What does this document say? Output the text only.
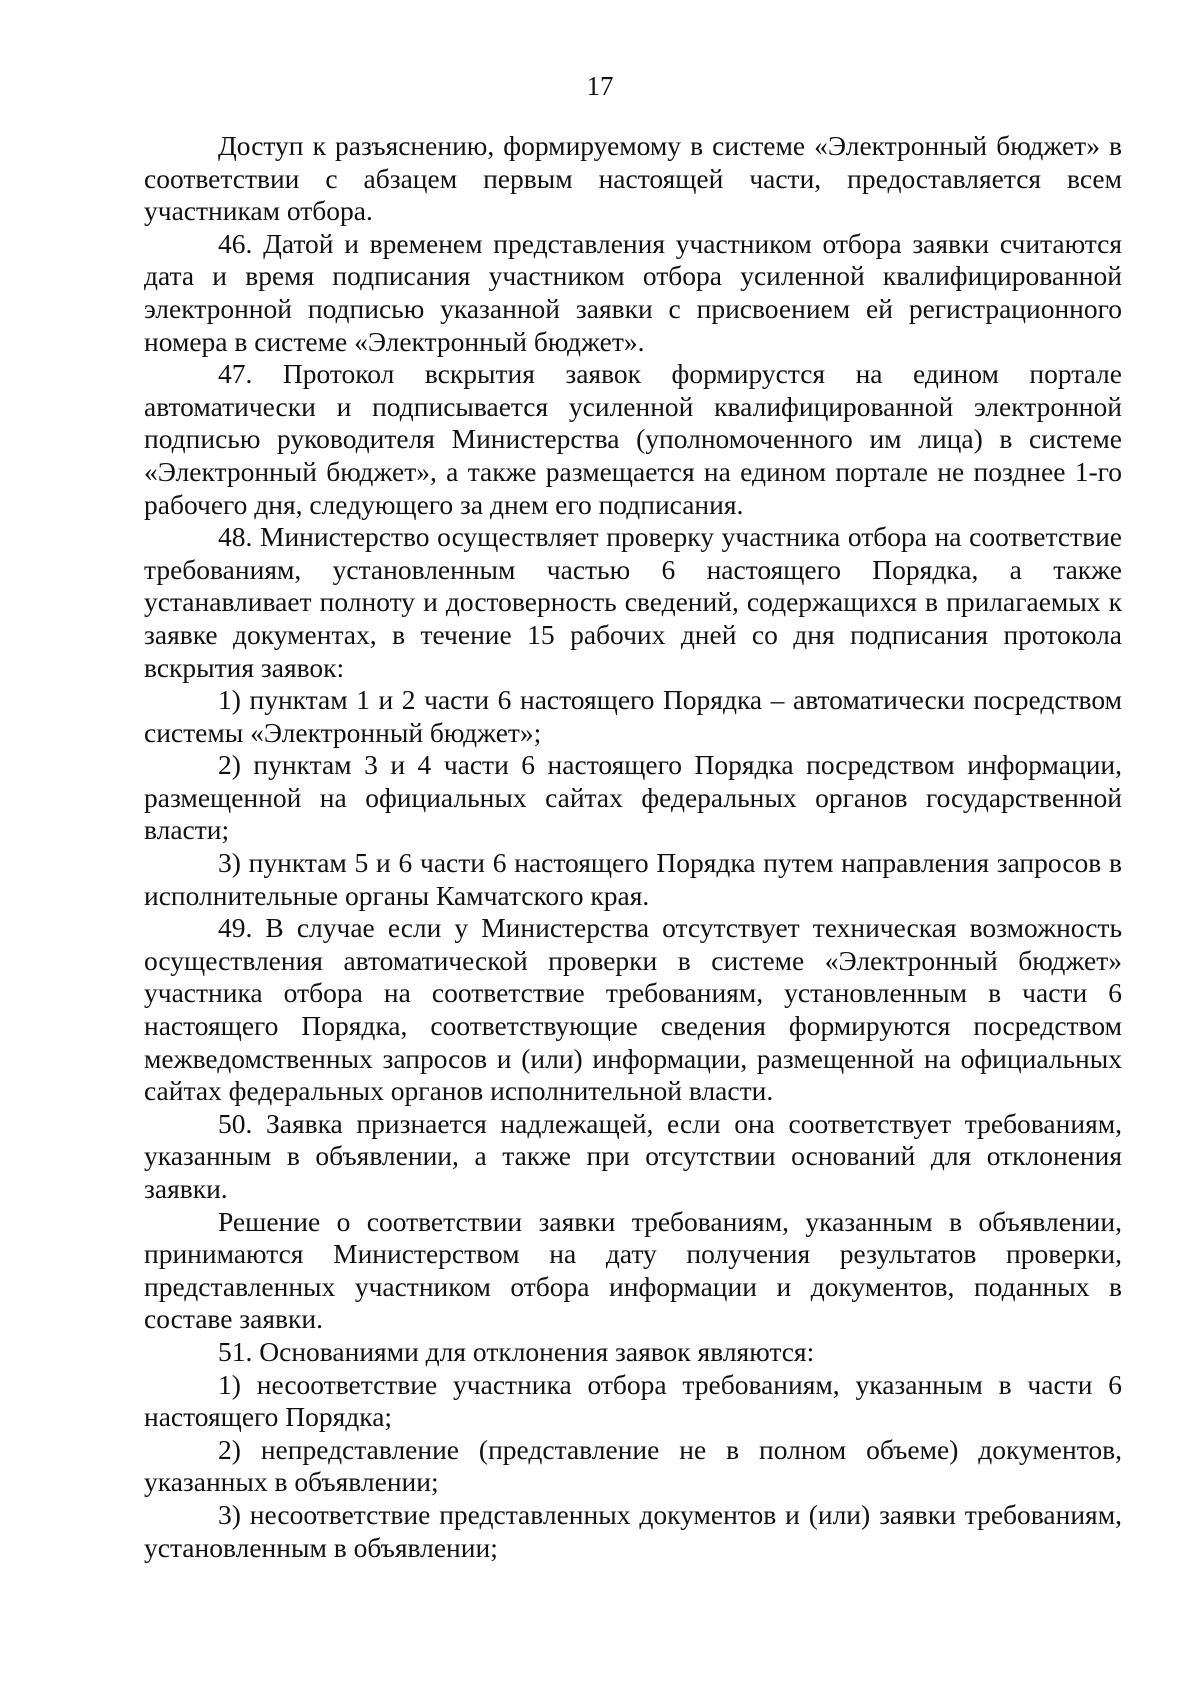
17

Доступ к разъяснению, формируемому в системе «Электронный бюджет» в соответствии с абзацем первым настоящей части, предоставляется всем участникам отбора.

46. Датой и временем представления участником отбора заявки считаются дата и время подписания участником отбора усиленной квалифицированной электронной подписью указанной заявки с присвоением ей регистрационного номера в системе «Электронный бюджет».

47. Протокол вскрытия заявок формирустся на едином портале автоматически и подписывается усиленной квалифицированной электронной подписью руководителя Министерства (уполномоченного им лица) в системе «Электронный бюджет», а также размещается на едином портале не позднее 1-го рабочего дня, следующего за днем его подписания.

48. Министерство осуществляет проверку участника отбора на соответствие требованиям, установленным частью 6 настоящего Порядка, а также устанавливает полноту и достоверность сведений, содержащихся в прилагаемых к заявке документах, в течение 15 рабочих дней со дня подписания протокола вскрытия заявок:

1) пунктам 1 и 2 части 6 настоящего Порядка – автоматически посредством системы «Электронный бюджет»;

2) пунктам 3 и 4 части 6 настоящего Порядка посредством информации, размещенной на официальных сайтах федеральных органов государственной власти;

3) пунктам 5 и 6 части 6 настоящего Порядка путем направления запросов в исполнительные органы Камчатского края.

49. В случае если у Министерства отсутствует техническая возможность осуществления автоматической проверки в системе «Электронный бюджет» участника отбора на соответствие требованиям, установленным в части 6 настоящего Порядка, соответствующие сведения формируются посредством межведомственных запросов и (или) информации, размещенной на официальных сайтах федеральных органов исполнительной власти.

50. Заявка признается надлежащей, если она соответствует требованиям, указанным в объявлении, а также при отсутствии оснований для отклонения заявки.

Решение о соответствии заявки требованиям, указанным в объявлении, принимаются Министерством на дату получения результатов проверки, представленных участником отбора информации и документов, поданных в составе заявки.

51. Основаниями для отклонения заявок являются:

1) несоответствие участника отбора требованиям, указанным в части 6 настоящего Порядка;

2) непредставление (представление не в полном объеме) документов, указанных в объявлении;

3) несоответствие представленных документов и (или) заявки требованиям, установленным в объявлении;
